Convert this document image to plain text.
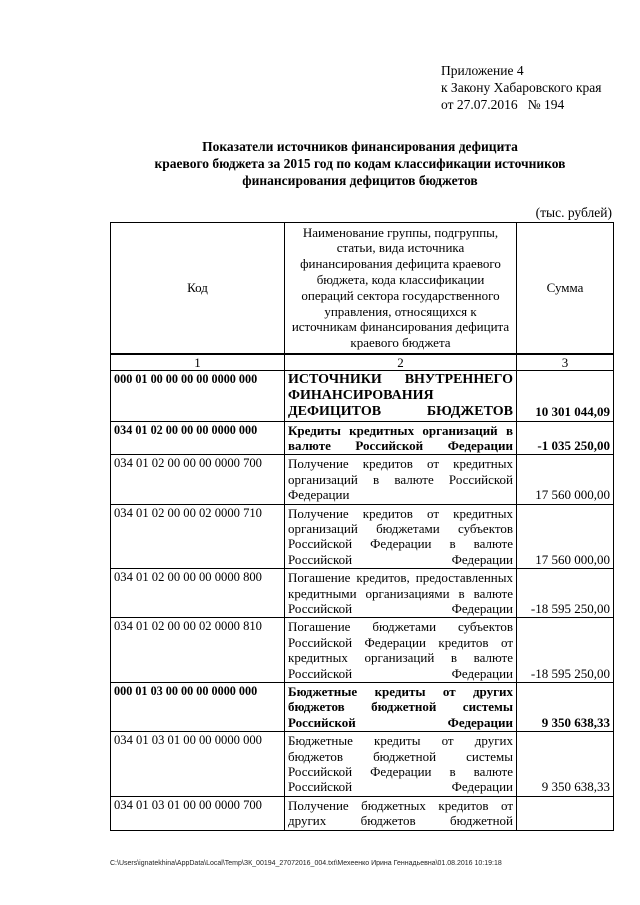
Приложение 4
к Закону Хабаровского края
от 27.07.2016   № 194
Показатели источников финансирования дефицита
краевого бюджета за 2015 год по кодам классификации источников
финансирования дефицитов бюджетов
(тыс. рублей)
Код	Наименование группы, подгруппы, статьи, вида источника финансирования дефицита краевого бюджета, кода классификации операций сектора государственного управления, относящихся к источникам финансирования дефицита краевого бюджета	Сумма
1	2	3
000 01 00 00 00 00 0000 000	ИСТОЧНИКИ ВНУТРЕННЕГО ФИНАНСИРОВАНИЯ ДЕФИЦИТОВ БЮДЖЕТОВ	10 301 044,09
034 01 02 00 00 00 0000 000	Кредиты кредитных организаций в валюте Российской Федерации	-1 035 250,00
034 01 02 00 00 00 0000 700	Получение кредитов от кредитных организаций в валюте Российской Федерации	17 560 000,00
034 01 02 00 00 02 0000 710	Получение кредитов от кредитных организаций бюджетами субъектов Российской Федерации в валюте Российской Федерации	17 560 000,00
034 01 02 00 00 00 0000 800	Погашение кредитов, предоставленных кредитными организациями в валюте Российской Федерации	-18 595 250,00
034 01 02 00 00 02 0000 810	Погашение бюджетами субъектов Российской Федерации кредитов от кредитных организаций в валюте Российской Федерации	-18 595 250,00
000 01 03 00 00 00 0000 000	Бюджетные кредиты от других бюджетов бюджетной системы Российской Федерации	9 350 638,33
034 01 03 01 00 00 0000 000	Бюджетные кредиты от других бюджетов бюджетной системы Российской Федерации в валюте Российской Федерации	9 350 638,33
034 01 03 01 00 00 0000 700	Получение бюджетных кредитов от других бюджетов бюджетной	
C:\Users\ignatekhina\AppData\Local\Temp\ЗК_00194_27072016_004.txt\Мехеенко Ирина Геннадьевна\01.08.2016 10:19:18
